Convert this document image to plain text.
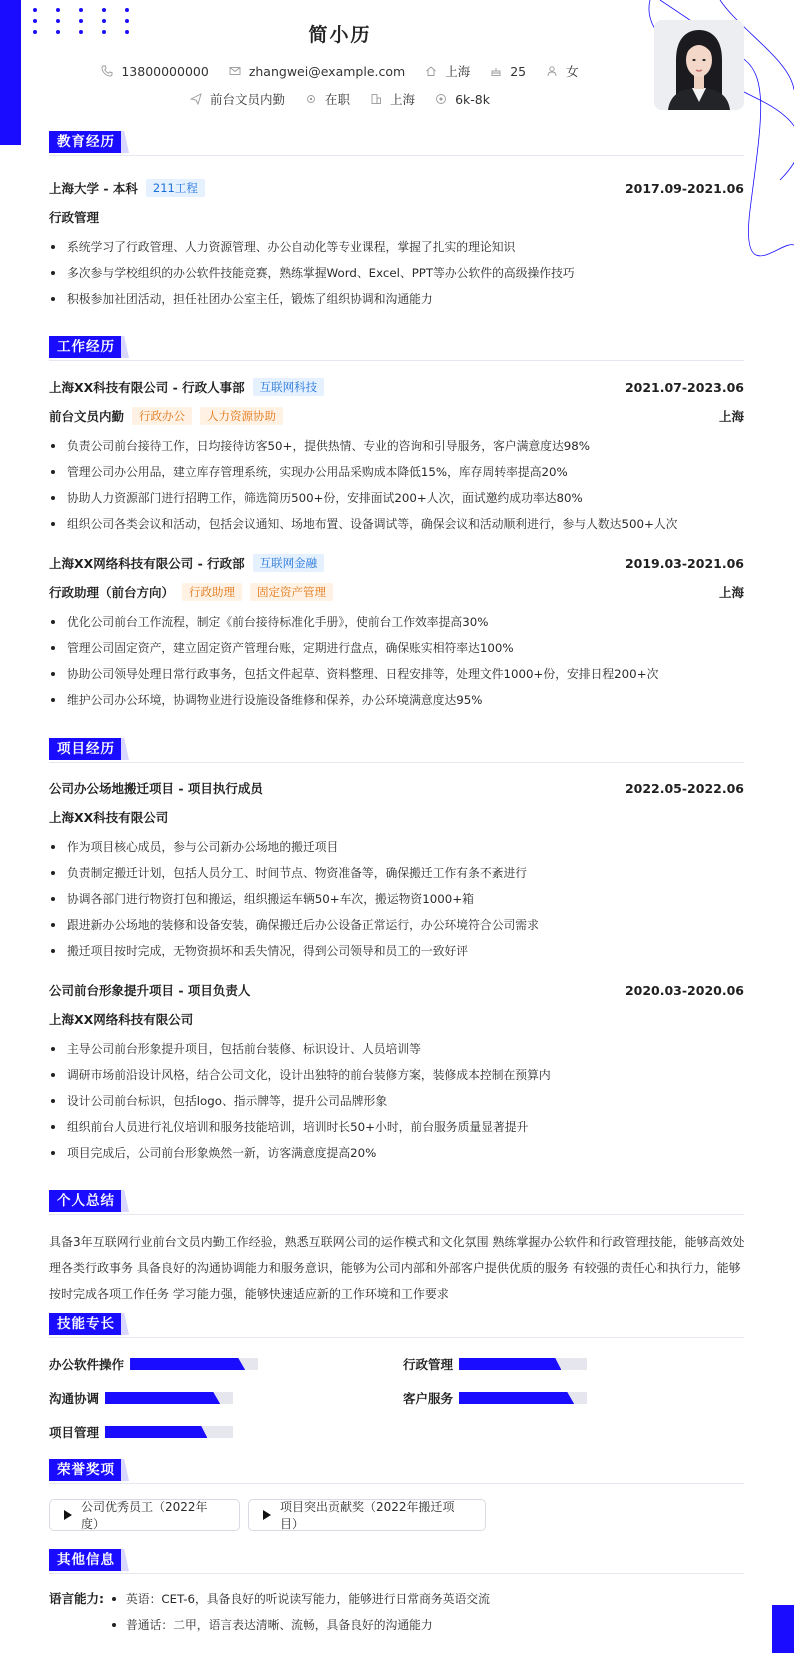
简小历
13800000000	zhangwei@example.com	上海	25	女
前台文员内勤	在职	上海	6k-8k
教育经历
上海大学 - 本科	211工程	2017.09-2021.06
行政管理
系统学习了行政管理、人力资源管理、办公自动化等专业课程，掌握了扎实的理论知识
多次参与学校组织的办公软件技能竞赛，熟练掌握Word、Excel、PPT等办公软件的高级操作技巧
积极参加社团活动，担任社团办公室主任，锻炼了组织协调和沟通能力
工作经历
上海XX科技有限公司 - 行政人事部	互联网科技	2021.07-2023.06
前台文员内勤	行政办公	人力资源协助	上海
负责公司前台接待工作，日均接待访客50+，提供热情、专业的咨询和引导服务，客户满意度达98%
管理公司办公用品，建立库存管理系统，实现办公用品采购成本降低15%，库存周转率提高20%
协助人力资源部门进行招聘工作，筛选简历500+份，安排面试200+人次，面试邀约成功率达80%
组织公司各类会议和活动，包括会议通知、场地布置、设备调试等，确保会议和活动顺利进行，参与人数达500+人次
上海XX网络科技有限公司 - 行政部	互联网金融	2019.03-2021.06
行政助理（前台方向）	行政助理	固定资产管理	上海
优化公司前台工作流程，制定《前台接待标准化手册》，使前台工作效率提高30%
管理公司固定资产，建立固定资产管理台账，定期进行盘点，确保账实相符率达100%
协助公司领导处理日常行政事务，包括文件起草、资料整理、日程安排等，处理文件1000+份，安排日程200+次
维护公司办公环境，协调物业进行设施设备维修和保养，办公环境满意度达95%
项目经历
公司办公场地搬迁项目 - 项目执行成员	2022.05-2022.06
上海XX科技有限公司
作为项目核心成员，参与公司新办公场地的搬迁项目
负责制定搬迁计划，包括人员分工、时间节点、物资准备等，确保搬迁工作有条不紊进行
协调各部门进行物资打包和搬运，组织搬运车辆50+车次，搬运物资1000+箱
跟进新办公场地的装修和设备安装，确保搬迁后办公设备正常运行，办公环境符合公司需求
搬迁项目按时完成，无物资损坏和丢失情况，得到公司领导和员工的一致好评
公司前台形象提升项目 - 项目负责人	2020.03-2020.06
上海XX网络科技有限公司
主导公司前台形象提升项目，包括前台装修、标识设计、人员培训等
调研市场前沿设计风格，结合公司文化，设计出独特的前台装修方案，装修成本控制在预算内
设计公司前台标识，包括logo、指示牌等，提升公司品牌形象
组织前台人员进行礼仪培训和服务技能培训，培训时长50+小时，前台服务质量显著提升
项目完成后，公司前台形象焕然一新，访客满意度提高20%
个人总结
具备3年互联网行业前台文员内勤工作经验，熟悉互联网公司的运作模式和文化氛围 熟练掌握办公软件和行政管理技能，能够高效处理各类行政事务 具备良好的沟通协调能力和服务意识，能够为公司内部和外部客户提供优质的服务 有较强的责任心和执行力，能够按时完成各项工作任务 学习能力强，能够快速适应新的工作环境和工作要求
技能专长
办公软件操作	行政管理
沟通协调	客户服务
项目管理
荣誉奖项
公司优秀员工（2022年度）
项目突出贡献奖（2022年搬迁项目）
其他信息
语言能力:	英语：CET-6，具备良好的听说读写能力，能够进行日常商务英语交流
普通话：二甲，语言表达清晰、流畅，具备良好的沟通能力
